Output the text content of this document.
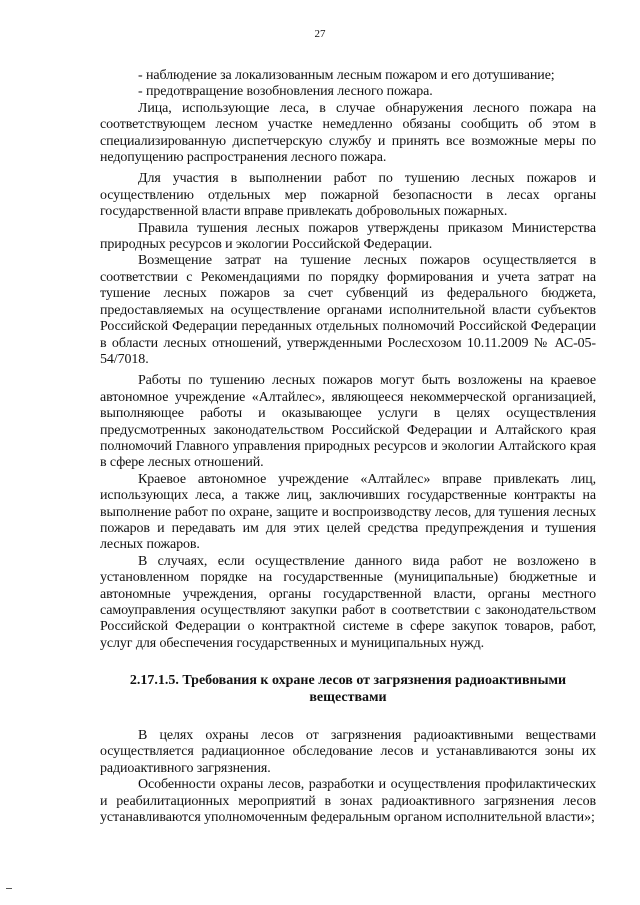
27

- наблюдение за локализованным лесным пожаром и его дотушивание;

- предотвращение возобновления лесного пожара.

Лица, использующие леса, в случае обнаружения лесного пожара на соответствующем лесном участке немедленно обязаны сообщить об этом в специализированную диспетчерскую службу и принять все возможные меры по недопущению распространения лесного пожара.

Для участия в выполнении работ по тушению лесных пожаров и осуществлению отдельных мер пожарной безопасности в лесах органы государственной власти вправе привлекать добровольных пожарных.

Правила тушения лесных пожаров утверждены приказом Министерства природных ресурсов и экологии Российской Федерации.

Возмещение затрат на тушение лесных пожаров осуществляется в соответствии с Рекомендациями по порядку формирования и учета затрат на тушение лесных пожаров за счет субвенций из федерального бюджета, предоставляемых на осуществление органами исполнительной власти субъектов Российской Федерации переданных отдельных полномочий Российской Федерации в области лесных отношений, утвержденными Рослесхозом 10.11.2009 № АС-05-54/7018.

Работы по тушению лесных пожаров могут быть возложены на краевое автономное учреждение «Алтайлес», являющееся некоммерческой организацией, выполняющее работы и оказывающее услуги в целях осуществления предусмотренных законодательством Российской Федерации и Алтайского края полномочий Главного управления природных ресурсов и экологии Алтайского края в сфере лесных отношений.

Краевое автономное учреждение «Алтайлес» вправе привлекать лиц, использующих леса, а также лиц, заключивших государственные контракты на выполнение работ по охране, защите и воспроизводству лесов, для тушения лесных пожаров и передавать им для этих целей средства предупреждения и тушения лесных пожаров.

В случаях, если осуществление данного вида работ не возложено в установленном порядке на государственные (муниципальные) бюджетные и автономные учреждения, органы государственной власти, органы местного самоуправления осуществляют закупки работ в соответствии с законодательством Российской Федерации о контрактной системе в сфере закупок товаров, работ, услуг для обеспечения государственных и муниципальных нужд.

2.17.1.5. Требования к охране лесов от загрязнения радиоактивными веществами

В целях охраны лесов от загрязнения радиоактивными веществами осуществляется радиационное обследование лесов и устанавливаются зоны их радиоактивного загрязнения.

Особенности охраны лесов, разработки и осуществления профилактических и реабилитационных мероприятий в зонах радиоактивного загрязнения лесов устанавливаются уполномоченным федеральным органом исполнительной власти»;
